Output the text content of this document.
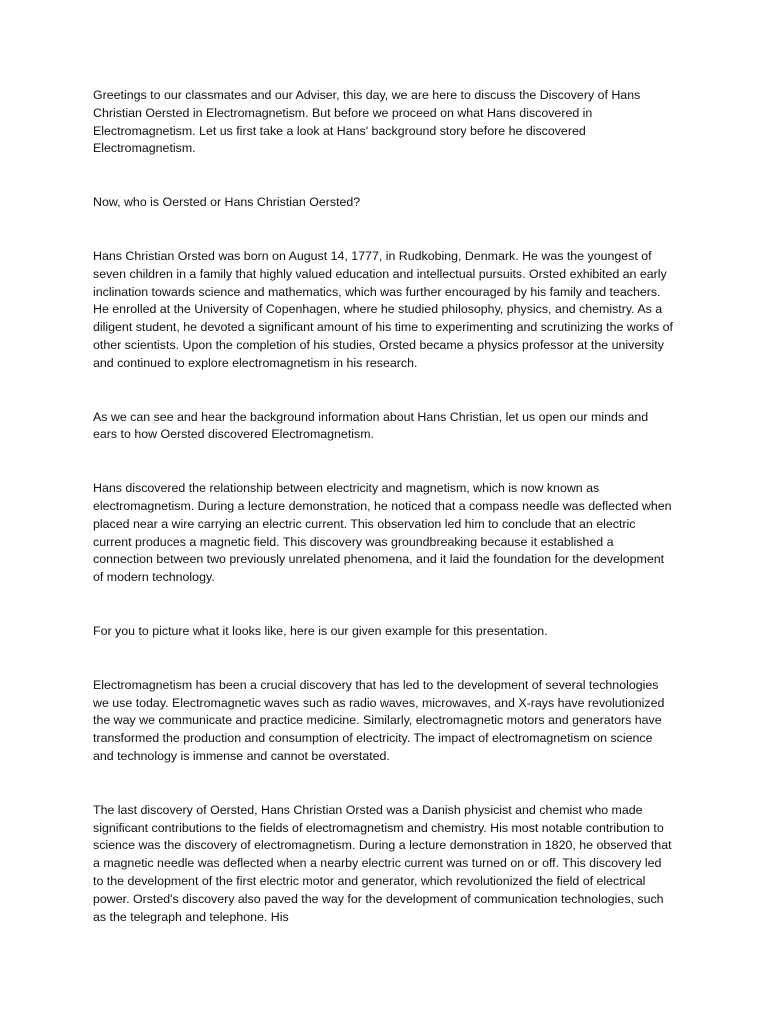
Greetings to our classmates and our Adviser, this day, we are here to discuss the Discovery of Hans Christian Oersted in Electromagnetism. But before we proceed on what Hans discovered in Electromagnetism. Let us first take a look at Hans' background story before he discovered Electromagnetism.

Now, who is Oersted or Hans Christian Oersted?

Hans Christian Orsted was born on August 14, 1777, in Rudkobing, Denmark. He was the youngest of seven children in a family that highly valued education and intellectual pursuits. Orsted exhibited an early inclination towards science and mathematics, which was further encouraged by his family and teachers. He enrolled at the University of Copenhagen, where he studied philosophy, physics, and chemistry. As a diligent student, he devoted a significant amount of his time to experimenting and scrutinizing the works of other scientists. Upon the completion of his studies, Orsted became a physics professor at the university and continued to explore electromagnetism in his research.

As we can see and hear the background information about Hans Christian, let us open our minds and ears to how Oersted discovered Electromagnetism.

Hans discovered the relationship between electricity and magnetism, which is now known as electromagnetism. During a lecture demonstration, he noticed that a compass needle was deflected when placed near a wire carrying an electric current. This observation led him to conclude that an electric current produces a magnetic field. This discovery was groundbreaking because it established a connection between two previously unrelated phenomena, and it laid the foundation for the development of modern technology.

For you to picture what it looks like, here is our given example for this presentation.

Electromagnetism has been a crucial discovery that has led to the development of several technologies we use today. Electromagnetic waves such as radio waves, microwaves, and X-rays have revolutionized the way we communicate and practice medicine. Similarly, electromagnetic motors and generators have transformed the production and consumption of electricity. The impact of electromagnetism on science and technology is immense and cannot be overstated.

The last discovery of Oersted, Hans Christian Orsted was a Danish physicist and chemist who made significant contributions to the fields of electromagnetism and chemistry. His most notable contribution to science was the discovery of electromagnetism. During a lecture demonstration in 1820, he observed that a magnetic needle was deflected when a nearby electric current was turned on or off. This discovery led to the development of the first electric motor and generator, which revolutionized the field of electrical power. Orsted's discovery also paved the way for the development of communication technologies, such as the telegraph and telephone. His
